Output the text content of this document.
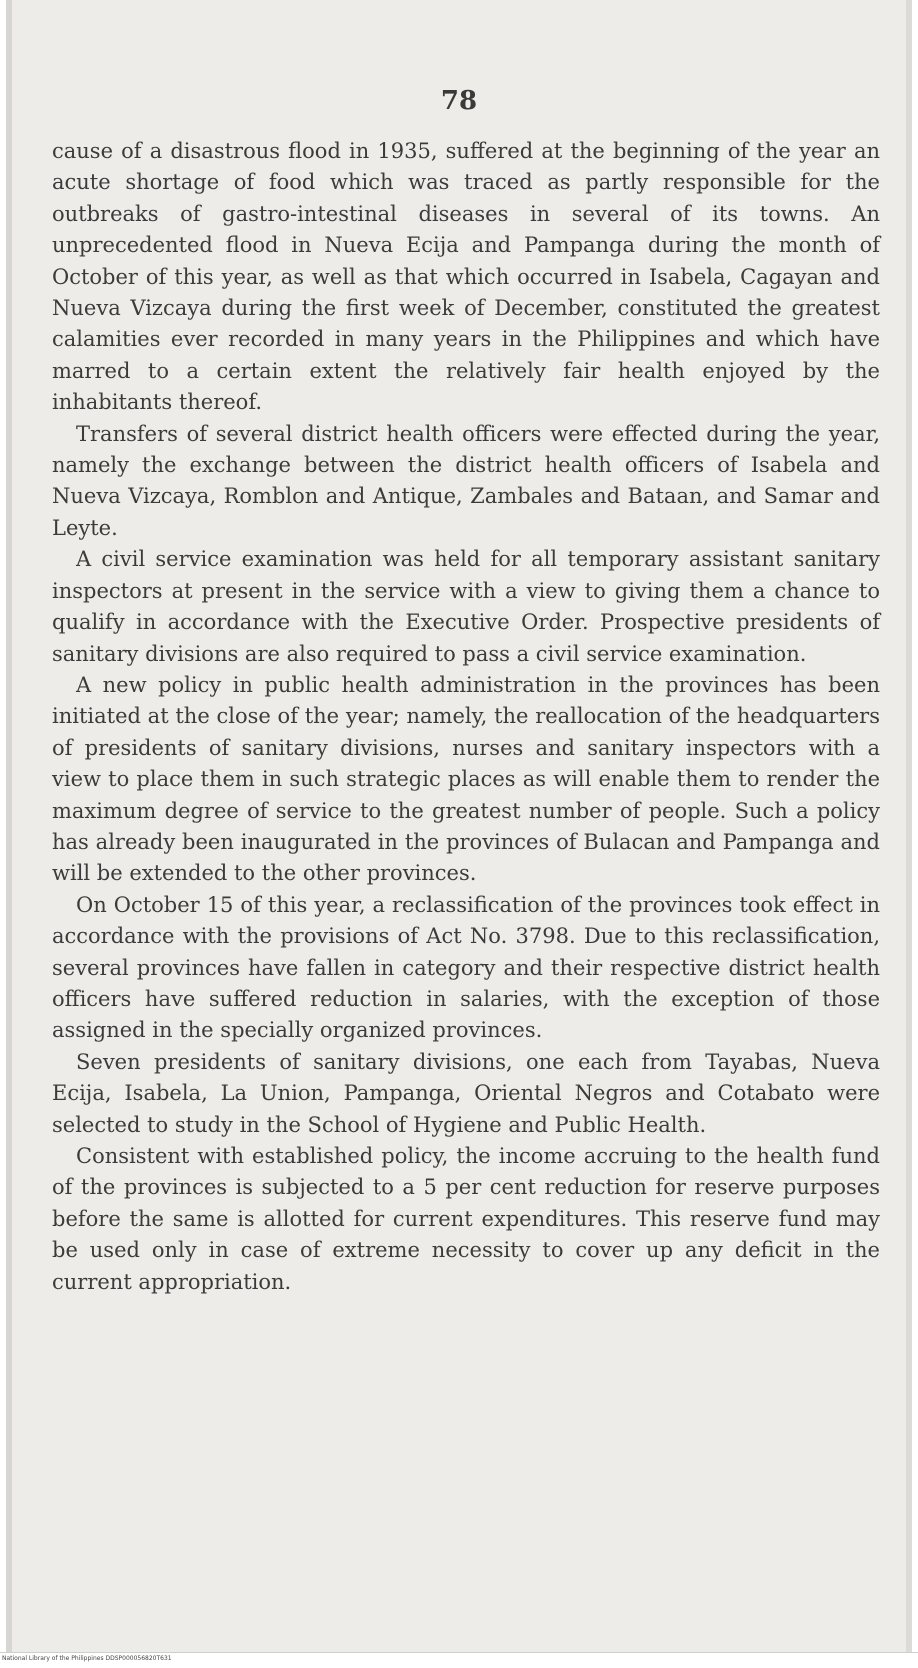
78

cause of a disastrous flood in 1935, suffered at the beginning of the year an acute shortage of food which was traced as partly responsible for the outbreaks of gastro-intestinal diseases in several of its towns. An unprecedented flood in Nueva Ecija and Pampanga during the month of October of this year, as well as that which occurred in Isabela, Cagayan and Nueva Vizcaya during the first week of December, constituted the greatest calamities ever recorded in many years in the Philippines and which have marred to a certain extent the relatively fair health enjoyed by the inhabitants thereof.

Transfers of several district health officers were effected during the year, namely the exchange between the district health officers of Isabela and Nueva Vizcaya, Romblon and Antique, Zambales and Bataan, and Samar and Leyte.

A civil service examination was held for all temporary assistant sanitary inspectors at present in the service with a view to giving them a chance to qualify in accordance with the Executive Order. Prospective presidents of sanitary divisions are also required to pass a civil service examination.

A new policy in public health administration in the provinces has been initiated at the close of the year; namely, the reallocation of the headquarters of presidents of sanitary divisions, nurses and sanitary inspectors with a view to place them in such strategic places as will enable them to render the maximum degree of service to the greatest number of people. Such a policy has already been inaugurated in the provinces of Bulacan and Pampanga and will be extended to the other provinces.

On October 15 of this year, a reclassification of the provinces took effect in accordance with the provisions of Act No. 3798. Due to this reclassification, several provinces have fallen in category and their respective district health officers have suffered reduction in salaries, with the exception of those assigned in the specially organized provinces.

Seven presidents of sanitary divisions, one each from Tayabas, Nueva Ecija, Isabela, La Union, Pampanga, Oriental Negros and Cotabato were selected to study in the School of Hygiene and Public Health.

Consistent with established policy, the income accruing to the health fund of the provinces is subjected to a 5 per cent reduction for reserve purposes before the same is allotted for current expenditures. This reserve fund may be used only in case of extreme necessity to cover up any deficit in the current appropriation.

National Library of the Philippines DDSP000056820T631
